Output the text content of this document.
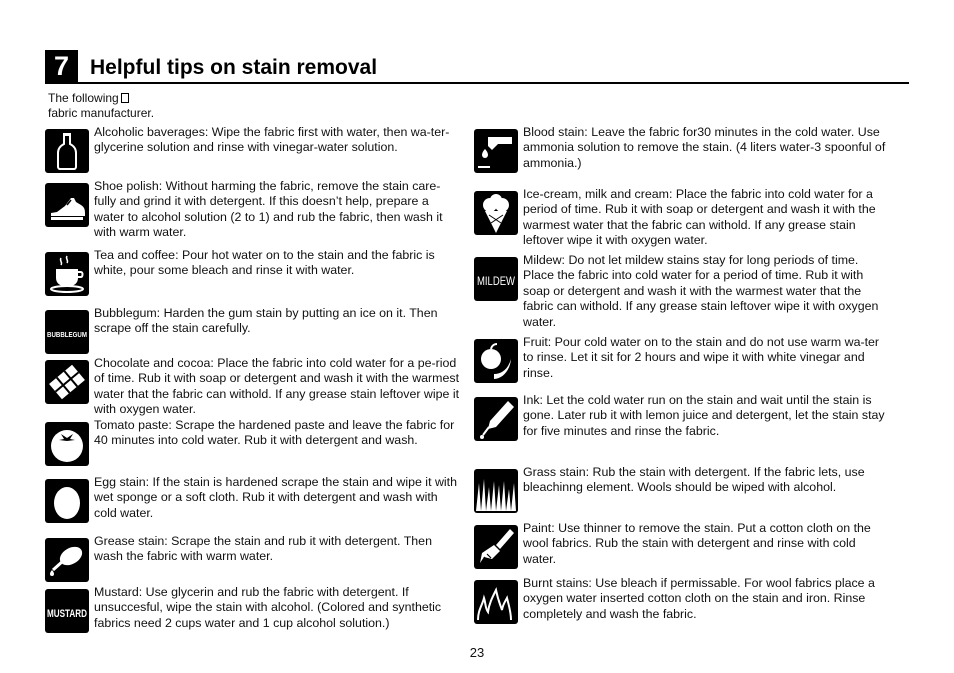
7 Helpful tips on stain removal
The following
fabric manufacturer.
Alcoholic baverages: Wipe the fabric first with water, then wa-ter-glycerine solution and rinse with vinegar-water solution.
Shoe polish: Without harming the fabric, remove the stain care-fully and grind it with detergent. If this doesn’t help, prepare a water to alcohol solution (2 to 1) and rub the fabric, then wash it with warm water.
Tea and coffee: Pour hot water on to the stain and the fabric is white, pour some bleach and rinse it with water.
BUBBLEGUM
Bubblegum: Harden the gum stain by putting an ice on it. Then scrape off the stain carefully.
Chocolate and cocoa: Place the fabric into cold water for a pe-riod of time. Rub it with soap or detergent and wash it with the warmest water that the fabric can withold. If any grease stain leftover wipe it with oxygen water.
Tomato paste: Scrape the hardened paste and leave the fabric for 40 minutes into cold water. Rub it with detergent and wash.
Egg stain: If the stain is hardened scrape the stain and wipe it with wet sponge or a soft cloth. Rub it with detergent and wash with cold water.
Grease stain: Scrape the stain and rub it with detergent. Then wash the fabric with warm water.
MUSTARD
Mustard: Use glycerin and rub the fabric with detergent. If unsuccesful, wipe the stain with alcohol. (Colored and synthetic fabrics need 2 cups water and 1 cup alcohol solution.)
Blood stain: Leave the fabric for30 minutes in the cold water. Use ammonia solution to remove the stain. (4 liters water-3 spoonful of ammonia.)
Ice-cream, milk and cream: Place the fabric into cold water for a period of time. Rub it with soap or detergent and wash it with the warmest water that the fabric can withold. If any grease stain leftover wipe it with oxygen water.
MILDEW
Mildew: Do not let mildew stains stay for long periods of time. Place the fabric into cold water for a period of time. Rub it with soap or detergent and wash it with the warmest water that the fabric can withold. If any grease stain leftover wipe it with oxygen water.
Fruit: Pour cold water on to the stain and do not use warm wa-ter to rinse. Let it sit for 2 hours and wipe it with white vinegar and rinse.
Ink: Let the cold water run on the stain and wait until the stain is gone. Later rub it with lemon juice and detergent, let the stain stay for five minutes and rinse the fabric.
Grass stain: Rub the stain with detergent. If the fabric lets, use bleachinng element. Wools should be wiped with alcohol.
Paint: Use thinner to remove the stain. Put a cotton cloth on the wool fabrics. Rub the stain with detergent and rinse with cold water.
Burnt stains: Use bleach if permissable. For wool fabrics place a oxygen water inserted cotton cloth on the stain and iron. Rinse completely and wash the fabric.
23
